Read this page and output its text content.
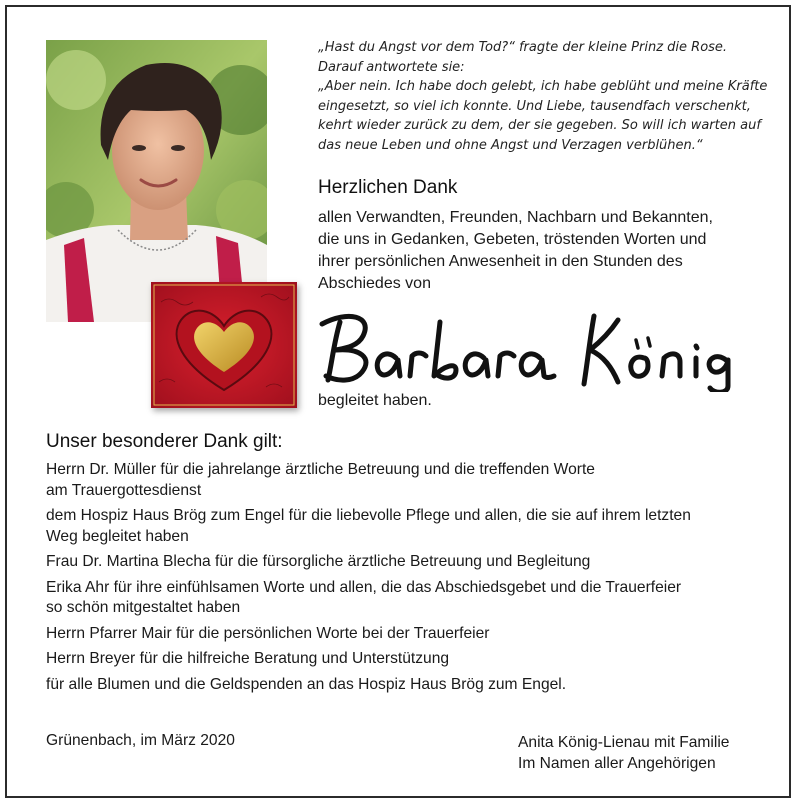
„Hast du Angst vor dem Tod?“ fragte der kleine Prinz die Rose.
Darauf antwortete sie:
„Aber nein. Ich habe doch gelebt, ich habe geblüht und meine Kräfte
eingesetzt, so viel ich konnte. Und Liebe, tausendfach verschenkt,
kehrt wieder zurück zu dem, der sie gegeben. So will ich warten auf
das neue Leben und ohne Angst und Verzagen verblühen.“
Herzlichen Dank
allen Verwandten, Freunden, Nachbarn und Bekannten,
die uns in Gedanken, Gebeten, tröstenden Worten und
ihrer persönlichen Anwesenheit in den Stunden des
Abschiedes von
begleitet haben.
Unser besonderer Dank gilt:
Herrn Dr. Müller für die jahrelange ärztliche Betreuung und die treffenden Worte
am Trauergottesdienst
dem Hospiz Haus Brög zum Engel für die liebevolle Pflege und allen, die sie auf ihrem letzten
Weg begleitet haben
Frau Dr. Martina Blecha für die fürsorgliche ärztliche Betreuung und Begleitung
Erika Ahr für ihre einfühlsamen Worte und allen, die das Abschiedsgebet und die Trauerfeier
so schön mitgestaltet haben
Herrn Pfarrer Mair für die persönlichen Worte bei der Trauerfeier
Herrn Breyer für die hilfreiche Beratung und Unterstützung
für alle Blumen und die Geldspenden an das Hospiz Haus Brög zum Engel.
Grünenbach, im März 2020	Anita König-Lienau mit Familie
Im Namen aller Angehörigen
